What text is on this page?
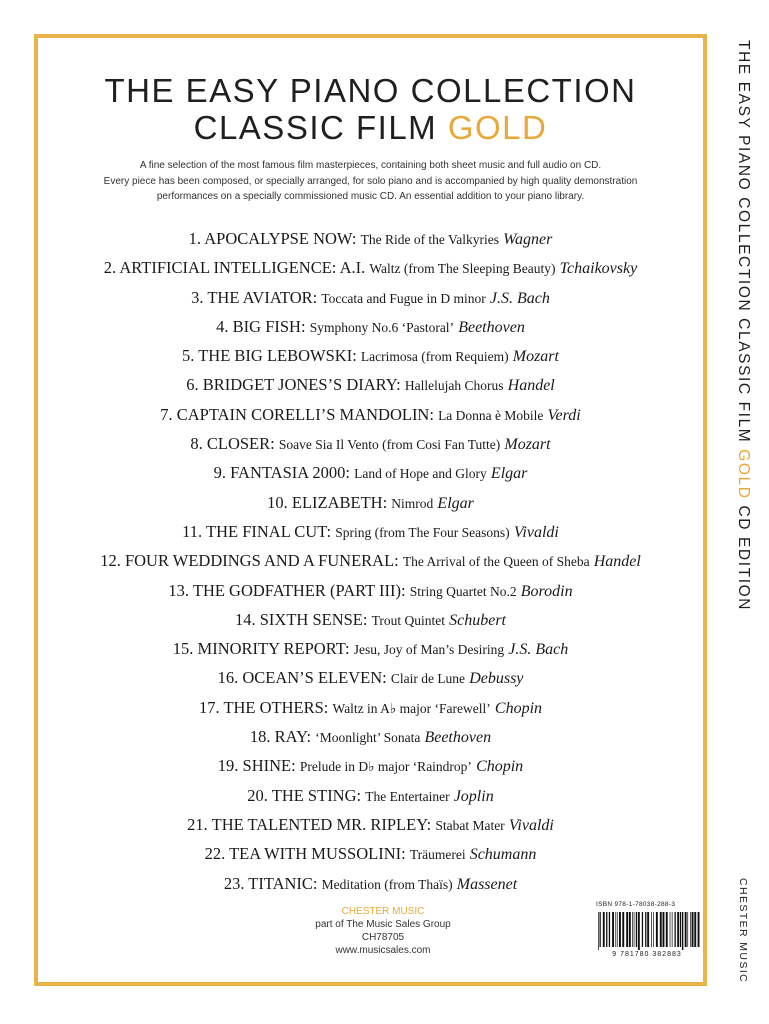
THE EASY PIANO COLLECTION
CLASSIC FILM GOLD

A fine selection of the most famous film masterpieces, containing both sheet music and full audio on CD.
Every piece has been composed, or specially arranged, for solo piano and is accompanied by high quality demonstration
performances on a specially commissioned music CD. An essential addition to your piano library.

1. APOCALYPSE NOW: The Ride of the Valkyries Wagner
2. ARTIFICIAL INTELLIGENCE: A.I. Waltz (from The Sleeping Beauty) Tchaikovsky
3. THE AVIATOR: Toccata and Fugue in D minor J.S. Bach
4. BIG FISH: Symphony No.6 ‘Pastoral’ Beethoven
5. THE BIG LEBOWSKI: Lacrimosa (from Requiem) Mozart
6. BRIDGET JONES’S DIARY: Hallelujah Chorus Handel
7. CAPTAIN CORELLI’S MANDOLIN: La Donna è Mobile Verdi
8. CLOSER: Soave Sia Il Vento (from Cosi Fan Tutte) Mozart
9. FANTASIA 2000: Land of Hope and Glory Elgar
10. ELIZABETH: Nimrod Elgar
11. THE FINAL CUT: Spring (from The Four Seasons) Vivaldi
12. FOUR WEDDINGS AND A FUNERAL: The Arrival of the Queen of Sheba Handel
13. THE GODFATHER (PART III): String Quartet No.2 Borodin
14. SIXTH SENSE: Trout Quintet Schubert
15. MINORITY REPORT: Jesu, Joy of Man’s Desiring J.S. Bach
16. OCEAN’S ELEVEN: Clair de Lune Debussy
17. THE OTHERS: Waltz in A♭ major ‘Farewell’ Chopin
18. RAY: ‘Moonlight’ Sonata Beethoven
19. SHINE: Prelude in D♭ major ‘Raindrop’ Chopin
20. THE STING: The Entertainer Joplin
21. THE TALENTED MR. RIPLEY: Stabat Mater Vivaldi
22. TEA WITH MUSSOLINI: Träumerei Schumann
23. TITANIC: Meditation (from Thaïs) Massenet
CHESTER MUSIC
part of The Music Sales Group
CH78705
www.musicsales.com
ISBN 978-1-78038-288-3
9 781780 382883
THE EASY PIANO COLLECTION CLASSIC FILM GOLD CD EDITION
CHESTER MUSIC
